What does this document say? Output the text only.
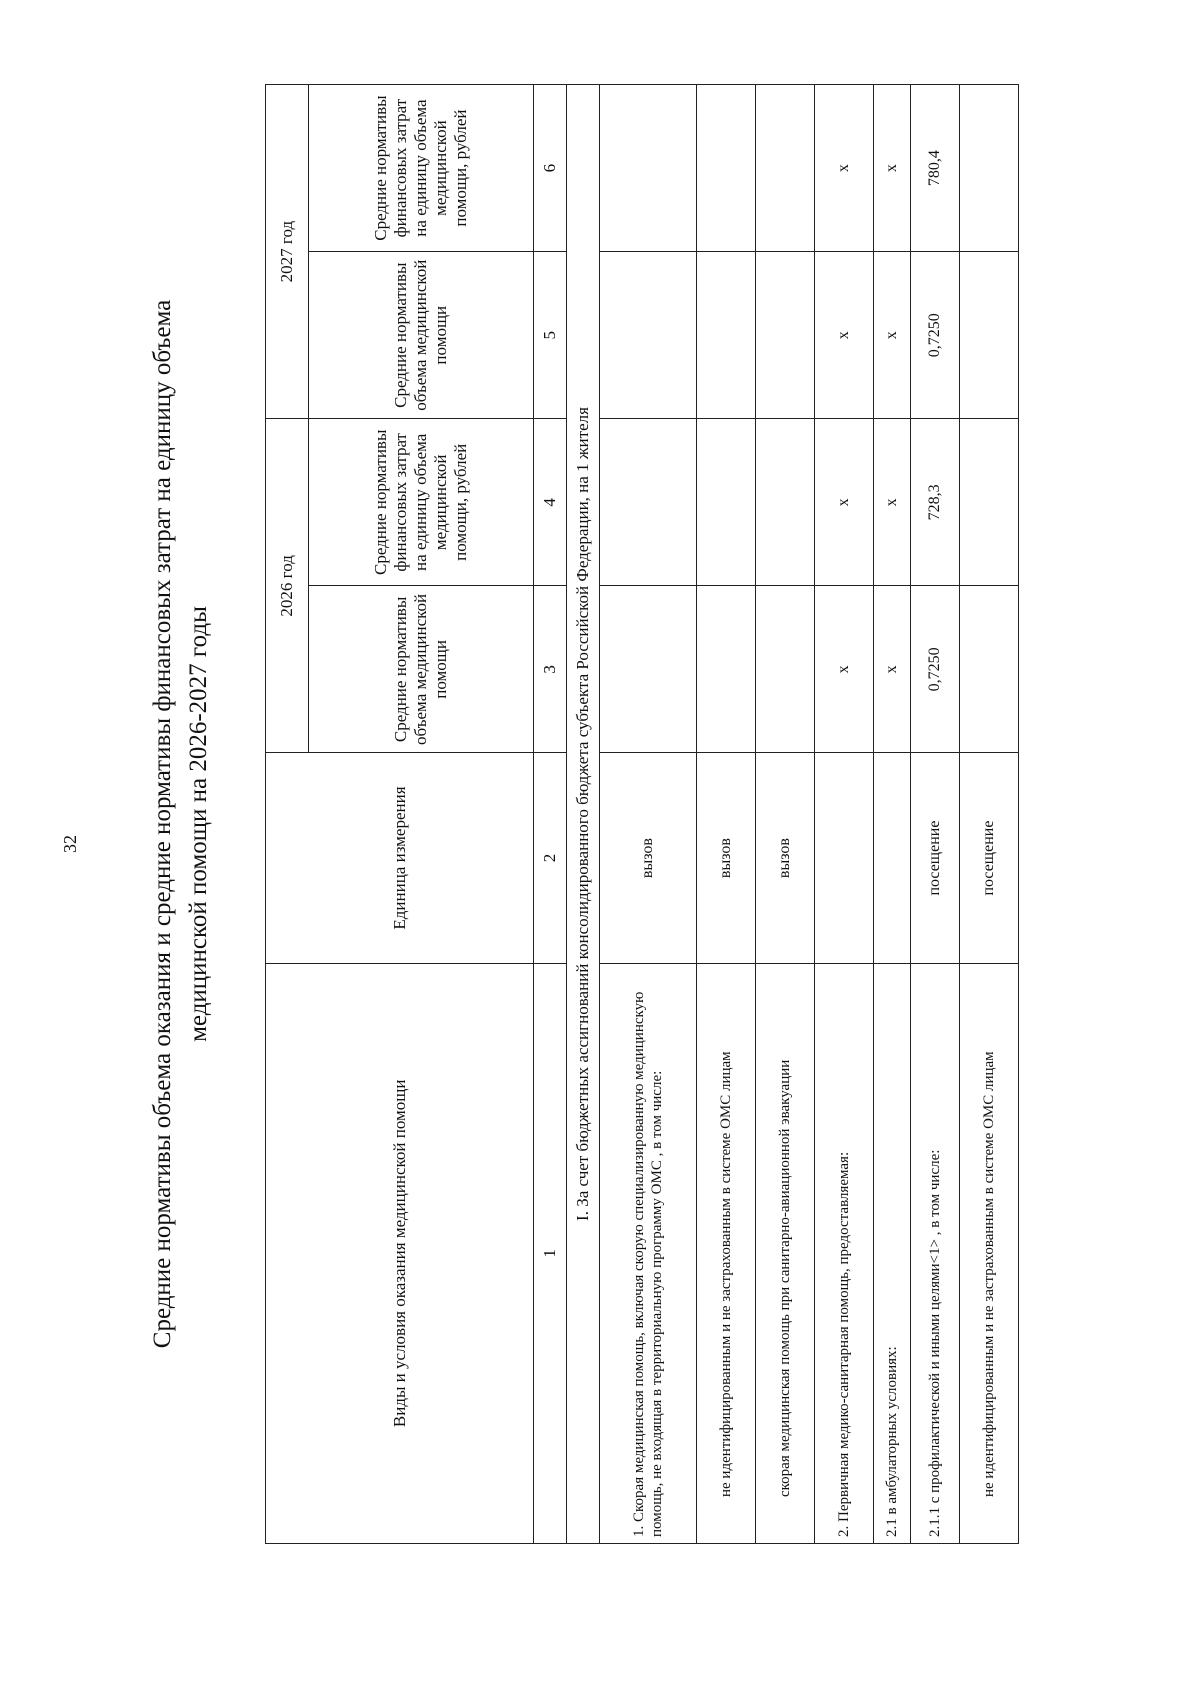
32	Средние нормативы объема оказания и средние нормативы финансовых затрат на единицу объема медицинской помощи на 2026-2027 годы
Виды и условия оказания медицинской помощи	Единица измерения	2026 год		2027 год	
		Средние нормативы объема медицинской помощи	Средние нормативы финансовых затрат на единицу объема медицинской помощи, рублей	Средние нормативы объема медицинской помощи	Средние нормативы финансовых затрат на единицу объема медицинской помощи, рублей
1	2	3	4	5	6
I. За счет бюджетных ассигнований консолидированного бюджета субъекта Российской Федерации, на 1 жителя					
1. Скорая медицинская помощь, включая скорую специализированную медицинскую помощь, не входящая в территориальную программу ОМС , в том числе:	вызов				
не идентифицированным и не застрахованным в системе ОМС лицам	вызов				
скорая медицинская помощь при санитарно-авиационной эвакуации	вызов				
2. Первичная медико-санитарная помощь, предоставляемая:		x	x	x	x
2.1 в амбулаторных условиях:		x	x	x	x
2.1.1 с профилактической и иными целями<1> , в том числе:	посещение	0,7250	728,3	0,7250	780,4
не идентифицированным и не застрахованным в системе ОМС лицам	посещение				
